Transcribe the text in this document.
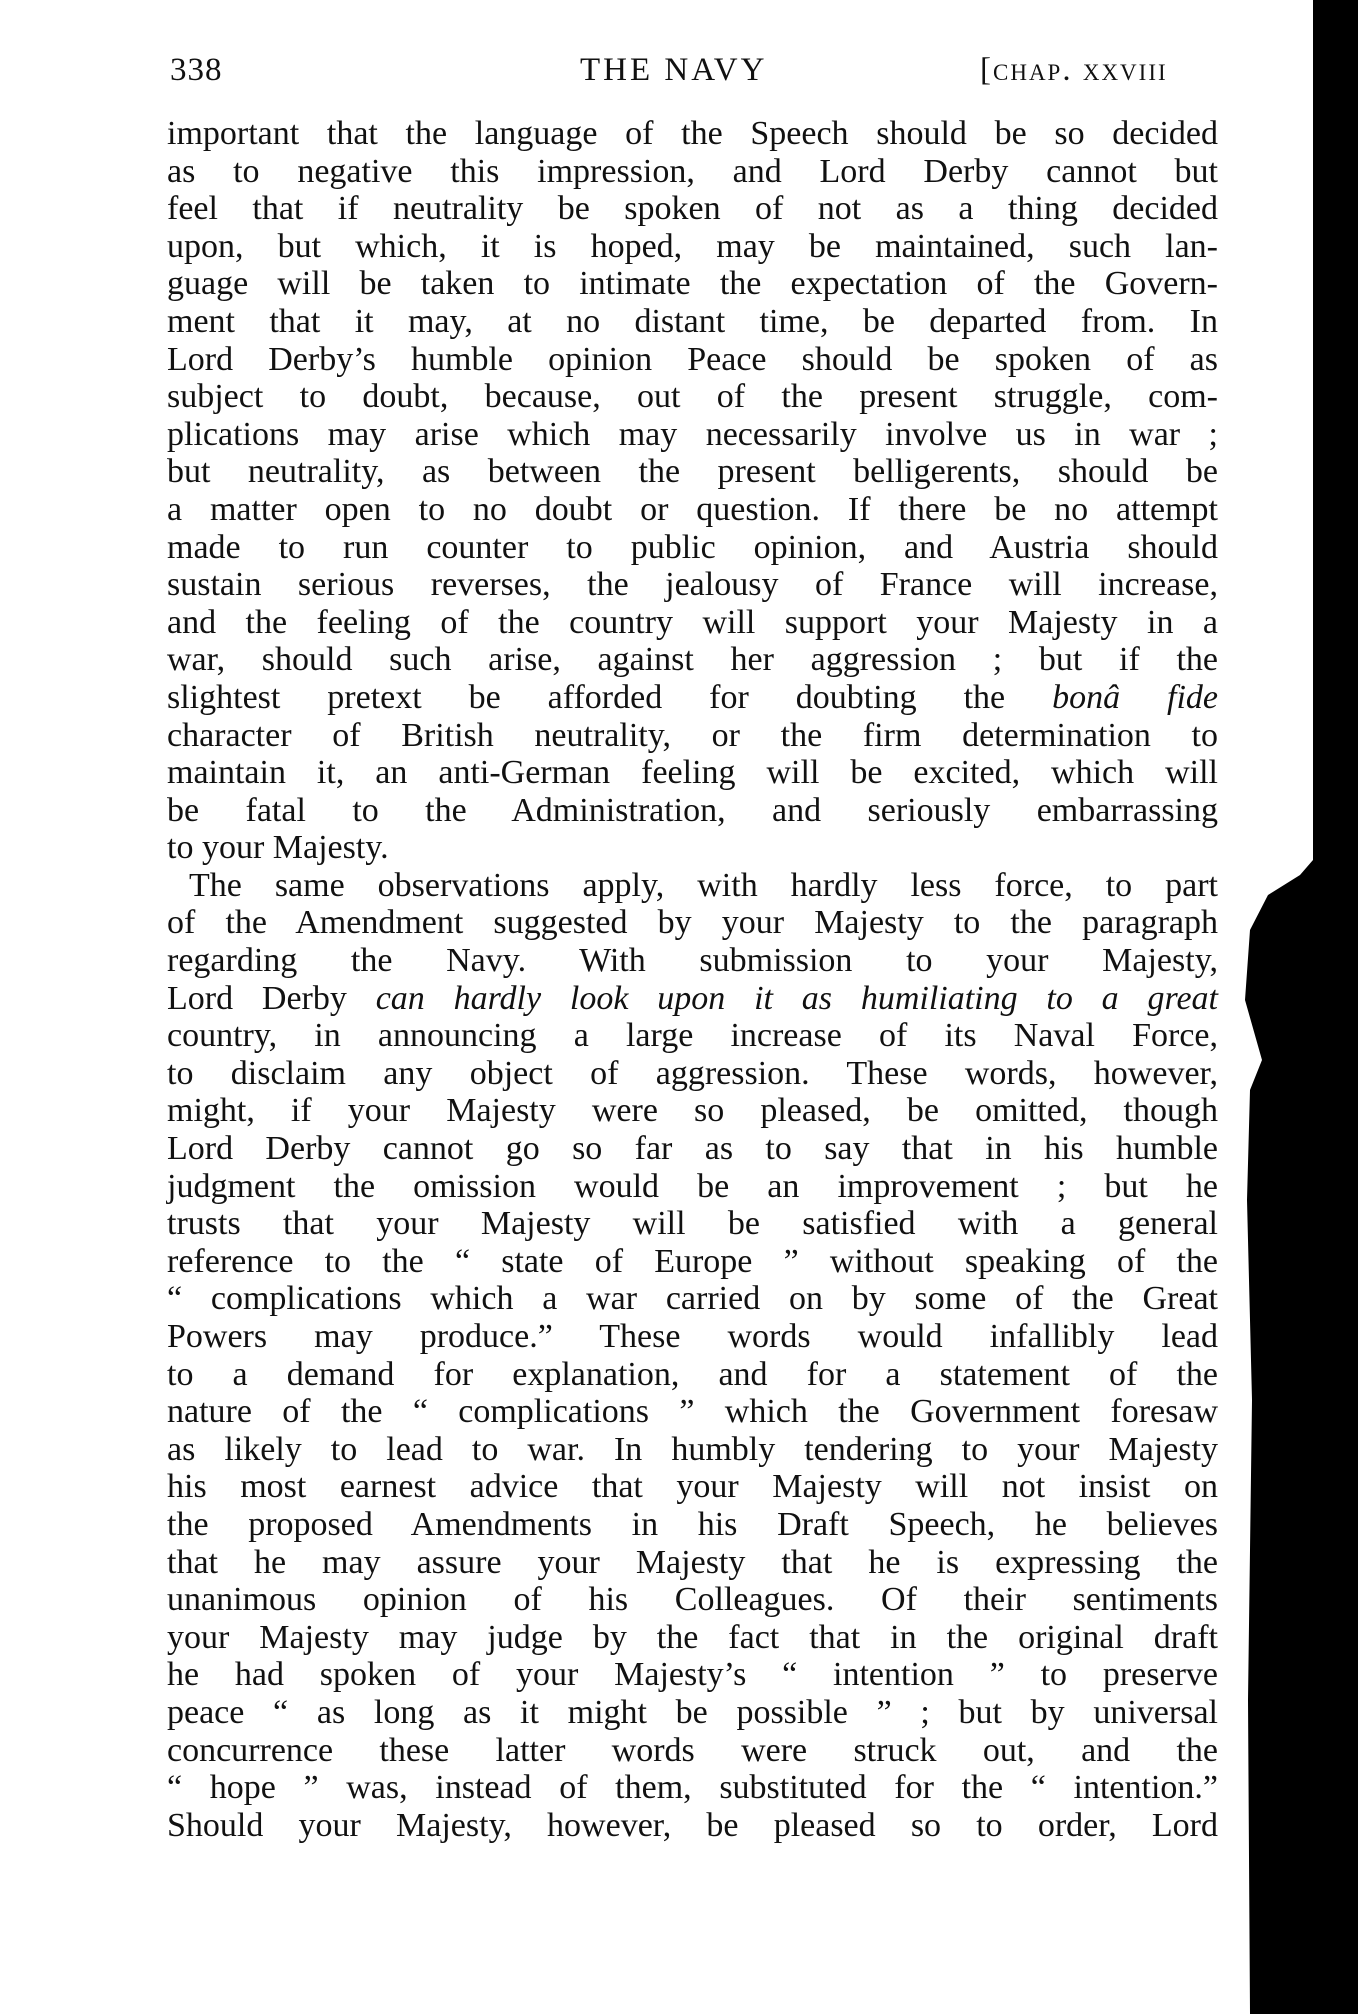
338	THE NAVY	[chap. xxviii
important that the language of the Speech should be so decided
as to negative this impression, and Lord Derby cannot but
feel that if neutrality be spoken of not as a thing decided
upon, but which, it is hoped, may be maintained, such lan-
guage will be taken to intimate the expectation of the Govern-
ment that it may, at no distant time, be departed from. In
Lord Derby’s humble opinion Peace should be spoken of as
subject to doubt, because, out of the present struggle, com-
plications may arise which may necessarily involve us in war ;
but neutrality, as between the present belligerents, should be
a matter open to no doubt or question. If there be no attempt
made to run counter to public opinion, and Austria should
sustain serious reverses, the jealousy of France will increase,
and the feeling of the country will support your Majesty in a
war, should such arise, against her aggression ; but if the
slightest pretext be afforded for doubting the bonâ fide
character of British neutrality, or the firm determination to
maintain it, an anti-German feeling will be excited, which will
be fatal to the Administration, and seriously embarrassing
to your Majesty.
The same observations apply, with hardly less force, to part
of the Amendment suggested by your Majesty to the paragraph
regarding the Navy. With submission to your Majesty,
Lord Derby can hardly look upon it as humiliating to a great
country, in announcing a large increase of its Naval Force,
to disclaim any object of aggression. These words, however,
might, if your Majesty were so pleased, be omitted, though
Lord Derby cannot go so far as to say that in his humble
judgment the omission would be an improvement ; but he
trusts that your Majesty will be satisfied with a general
reference to the “ state of Europe ” without speaking of the
“ complications which a war carried on by some of the Great
Powers may produce.” These words would infallibly lead
to a demand for explanation, and for a statement of the
nature of the “ complications ” which the Government foresaw
as likely to lead to war. In humbly tendering to your Majesty
his most earnest advice that your Majesty will not insist on
the proposed Amendments in his Draft Speech, he believes
that he may assure your Majesty that he is expressing the
unanimous opinion of his Colleagues. Of their sentiments
your Majesty may judge by the fact that in the original draft
he had spoken of your Majesty’s “ intention ” to preserve
peace “ as long as it might be possible ” ; but by universal
concurrence these latter words were struck out, and the
“ hope ” was, instead of them, substituted for the “ intention.”
Should your Majesty, however, be pleased so to order, Lord
